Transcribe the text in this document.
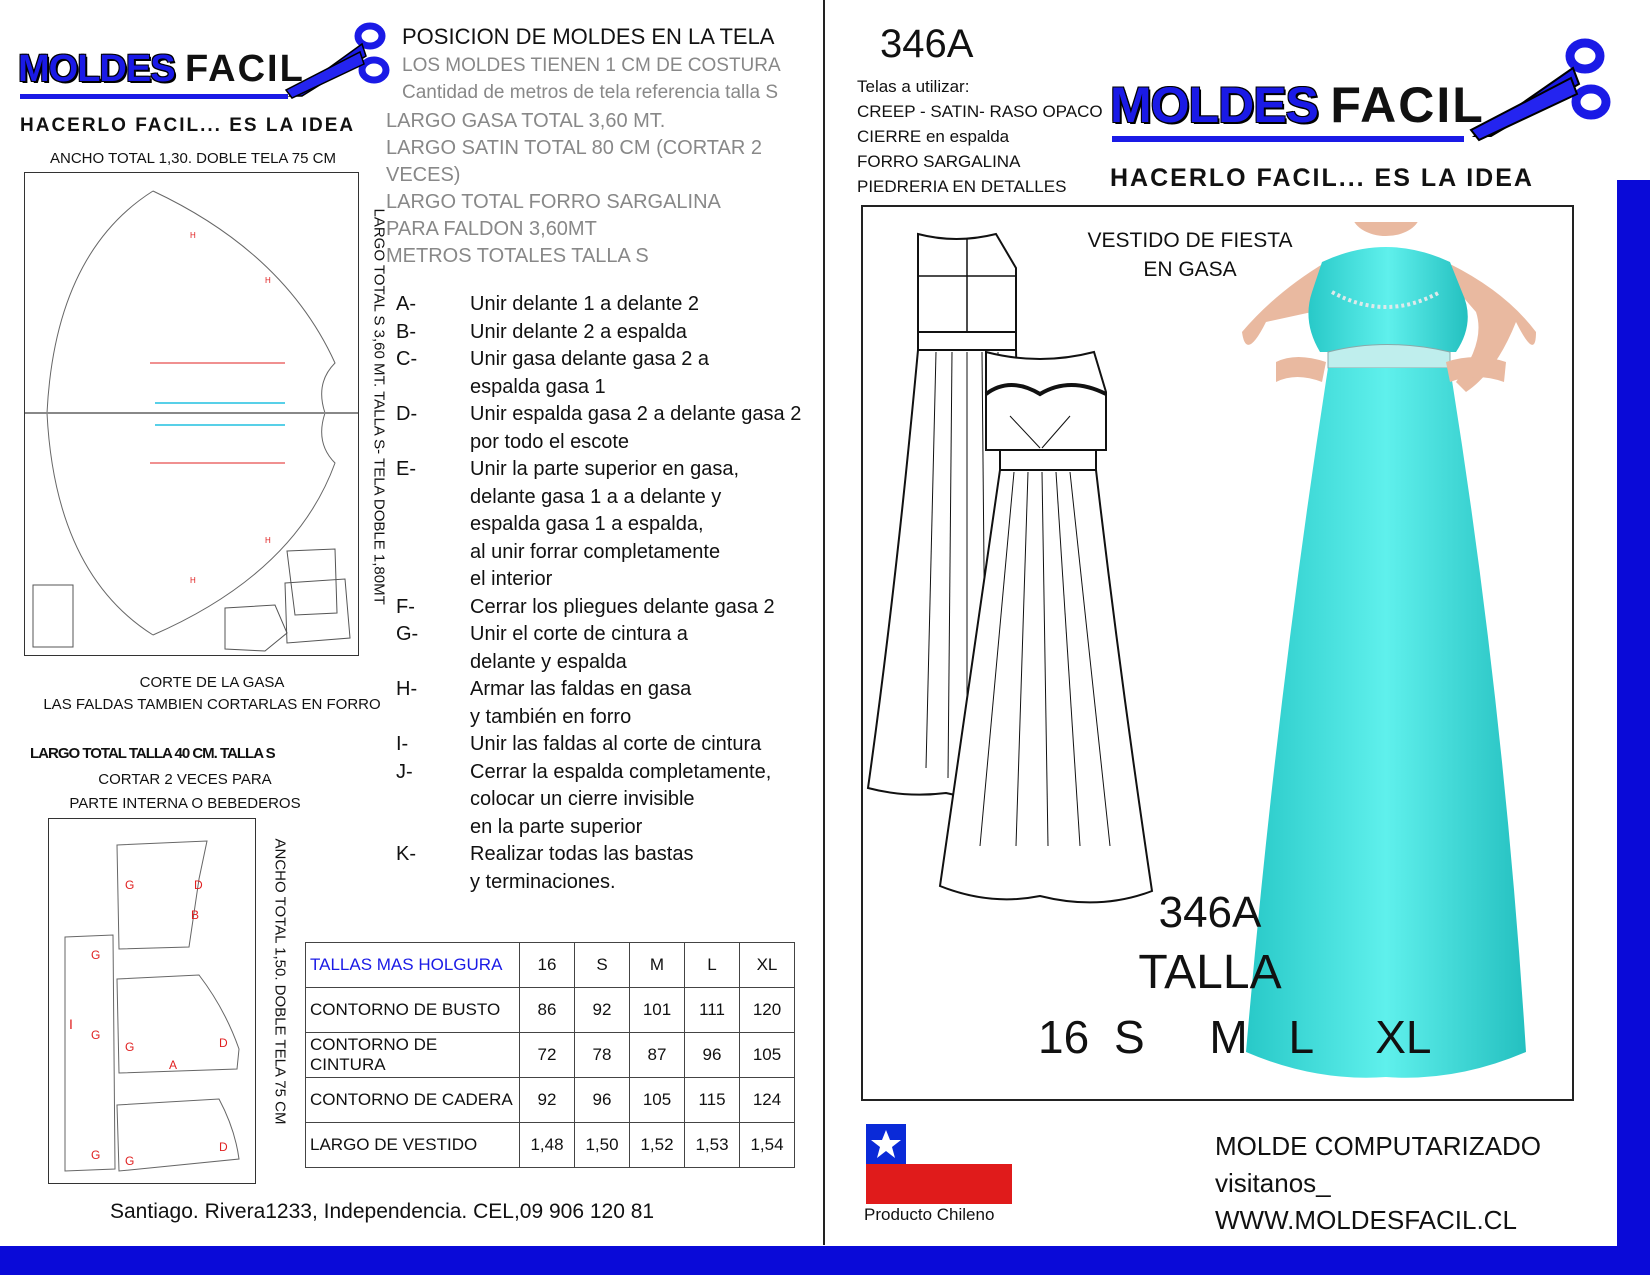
MOLDES FACIL
HACERLO FACIL... ES LA IDEA
ANCHO TOTAL 1,30. DOBLE TELA 75 CM
H
H
H
H	LARGO TOTAL S 3,60 MT. TALLA S- TELA DOBLE 1,80MT
CORTE DE LA GASA
LAS FALDAS TAMBIEN CORTARLAS EN FORRO
LARGO TOTAL TALLA 40 CM. TALLA S
CORTAR 2 VECES PARA
PARTE INTERNA O BEBEDEROS
B
D
D
D
A
G
G
G
G
G
G
I	ANCHO TOTAL 1,50. DOBLE TELA 75 CM
POSICION DE MOLDES EN LA TELA
LOS MOLDES TIENEN 1 CM DE COSTURA
Cantidad de metros de tela referencia talla S
LARGO GASA TOTAL 3,60 MT.
LARGO SATIN TOTAL 80 CM (CORTAR 2 VECES)
LARGO TOTAL FORRO SARGALINA
PARA FALDON 3,60MT
METROS TOTALES TALLA S
A-	Unir delante 1 a delante 2
B-	Unir delante 2 a espalda
C-	Unir gasa delante gasa 2 a
espalda gasa 1
D-	Unir espalda gasa 2 a delante gasa 2
por todo el escote
E-	Unir la parte superior en gasa,
delante gasa 1 a a delante y
espalda gasa 1 a espalda,
al unir forrar completamente
el interior
F-	Cerrar los pliegues delante gasa 2
G-	Unir el corte de cintura a
delante y espalda
H-	Armar las faldas en gasa
y también en forro
I-	Unir las faldas al corte de cintura
J-	Cerrar la espalda completamente,
colocar un cierre invisible
en la parte superior
K-	Realizar todas las bastas
y terminaciones.
TALLAS MAS HOLGURA	16	S	M	L	XL
CONTORNO DE BUSTO	86	92	101	111	120
CONTORNO DE CINTURA	72	78	87	96	105
CONTORNO DE CADERA	92	96	105	115	124
LARGO DE VESTIDO	1,48	1,50	1,52	1,53	1,54
Santiago. Rivera1233, Independencia. CEL,09 906 120 81
346A
Telas a utilizar:
CREEP - SATIN- RASO OPACO
CIERRE en espalda
FORRO SARGALINA
PIEDRERIA EN DETALLES
MOLDES FACIL
HACERLO FACIL... ES LA IDEA
VESTIDO DE FIESTA
EN GASA
346A
TALLA
16 S M L XL
Producto Chileno
MOLDE COMPUTARIZADO
visitanos_
WWW.MOLDESFACIL.CL
